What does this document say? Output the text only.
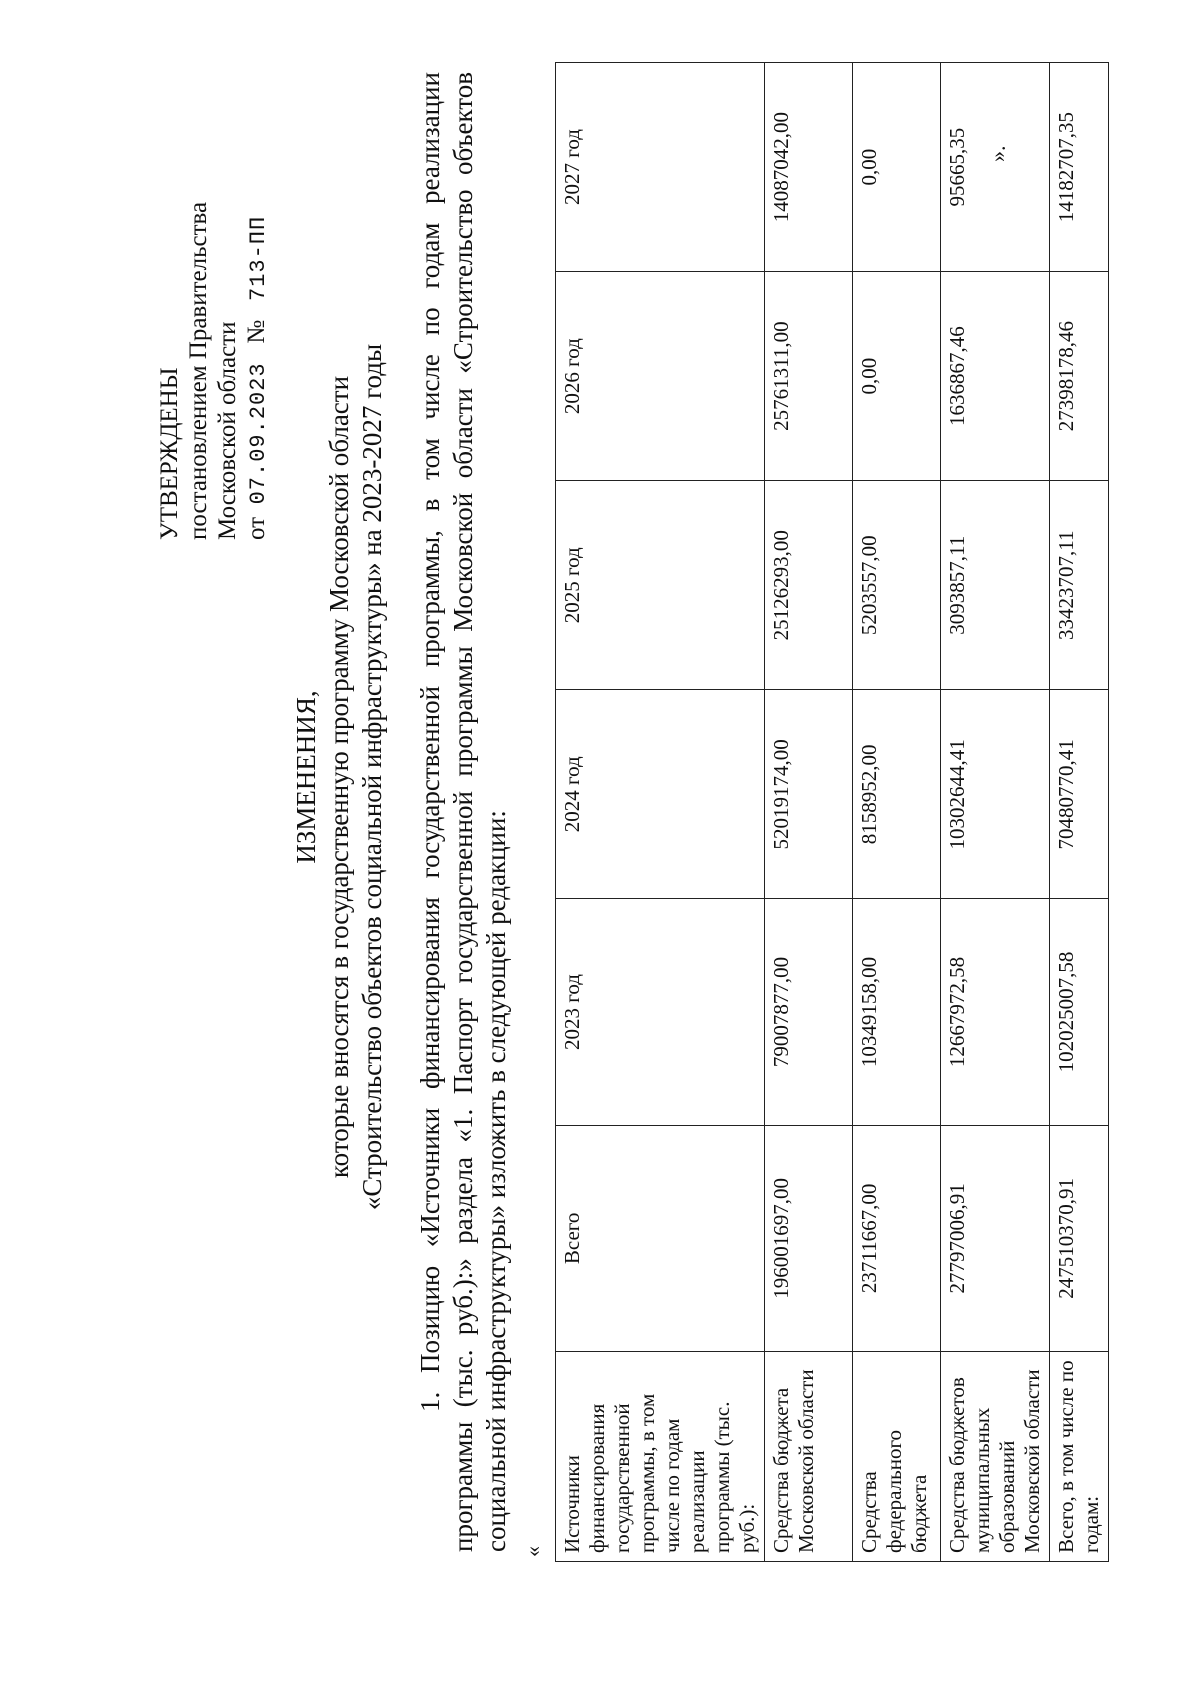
УТВЕРЖДЕНЫ постановлением Правительства Московской области от  07.09.2023   №   713-ПП
ИЗМЕНЕНИЯ, которые вносятся в государственную программу Московской области «Строительство объектов социальной инфраструктуры» на 2023-2027 годы 1. Позицию «Источники финансирования государственной программы, в том числе по годам реализации программы (тыс. руб.):» раздела «1. Паспорт государственной программы Московской области «Строительство объектов социальной инфраструктуры» изложить в следующей редакции: « Источники финансирования государственной программы, в том числе по годам реализации программы (тыс. руб.):	Всего	2023 год	2024 год	2025 год	2026 год	2027 год
Средства бюджета Московской области	196001697,00	79007877,00	52019174,00	25126293,00	25761311,00	14087042,00
Средства федерального бюджета	23711667,00	10349158,00	8158952,00	5203557,00	0,00	0,00
Средства бюджетов муниципальных образований Московской области	27797006,91	12667972,58	10302644,41	3093857,11	1636867,46	95665,35
Всего, в том числе по годам:	247510370,91	102025007,58	70480770,41	33423707,11	27398178,46	14182707,35
».
